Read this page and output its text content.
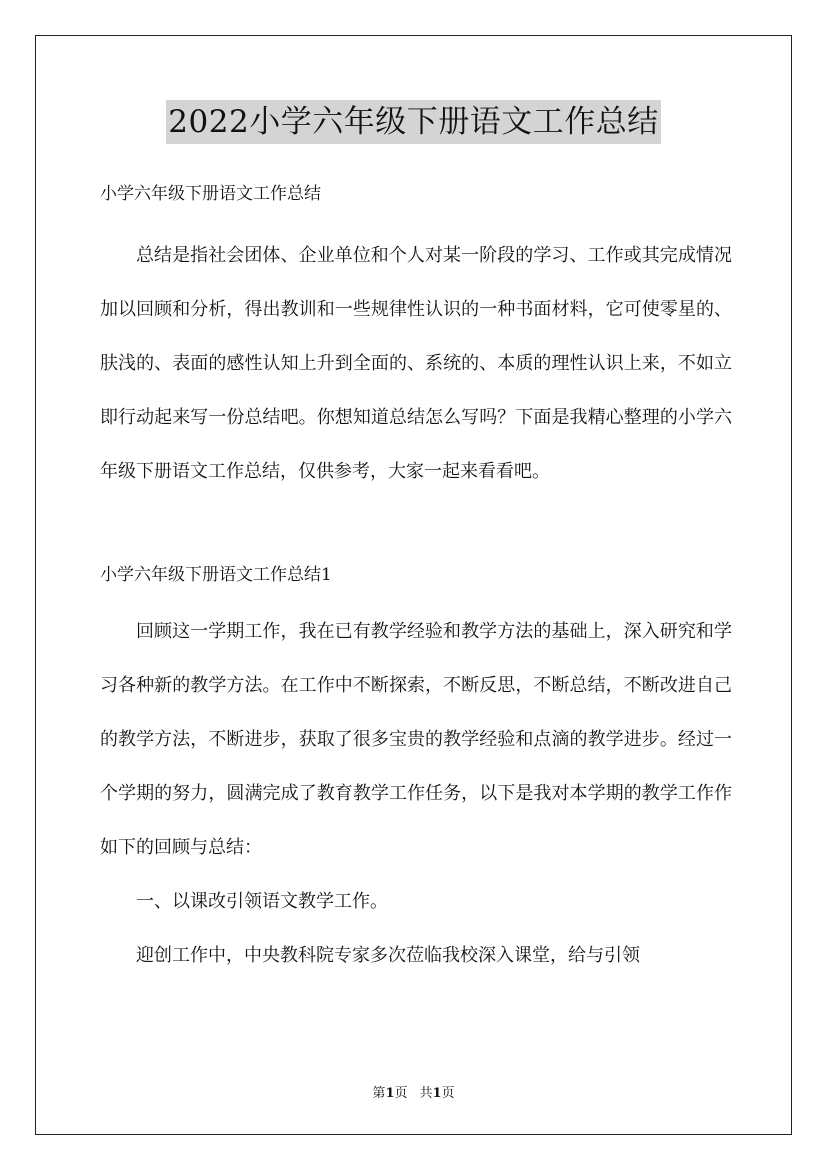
2022小学六年级下册语文工作总结
小学六年级下册语文工作总结

总结是指社会团体、企业单位和个人对某一阶段的学习、工作或其完成情况加以回顾和分析，得出教训和一些规律性认识的一种书面材料，它可使零星的、肤浅的、表面的感性认知上升到全面的、系统的、本质的理性认识上来，不如立即行动起来写一份总结吧。你想知道总结怎么写吗？下面是我精心整理的小学六年级下册语文工作总结，仅供参考，大家一起来看看吧。

小学六年级下册语文工作总结1

回顾这一学期工作，我在已有教学经验和教学方法的基础上，深入研究和学习各种新的教学方法。在工作中不断探索，不断反思，不断总结，不断改进自己的教学方法，不断进步，获取了很多宝贵的教学经验和点滴的教学进步。经过一个学期的努力，圆满完成了教育教学工作任务，以下是我对本学期的教学工作作如下的回顾与总结：

一、以课改引领语文教学工作。

迎创工作中，中央教科院专家多次莅临我校深入课堂，给与引领

第1页 共1页
